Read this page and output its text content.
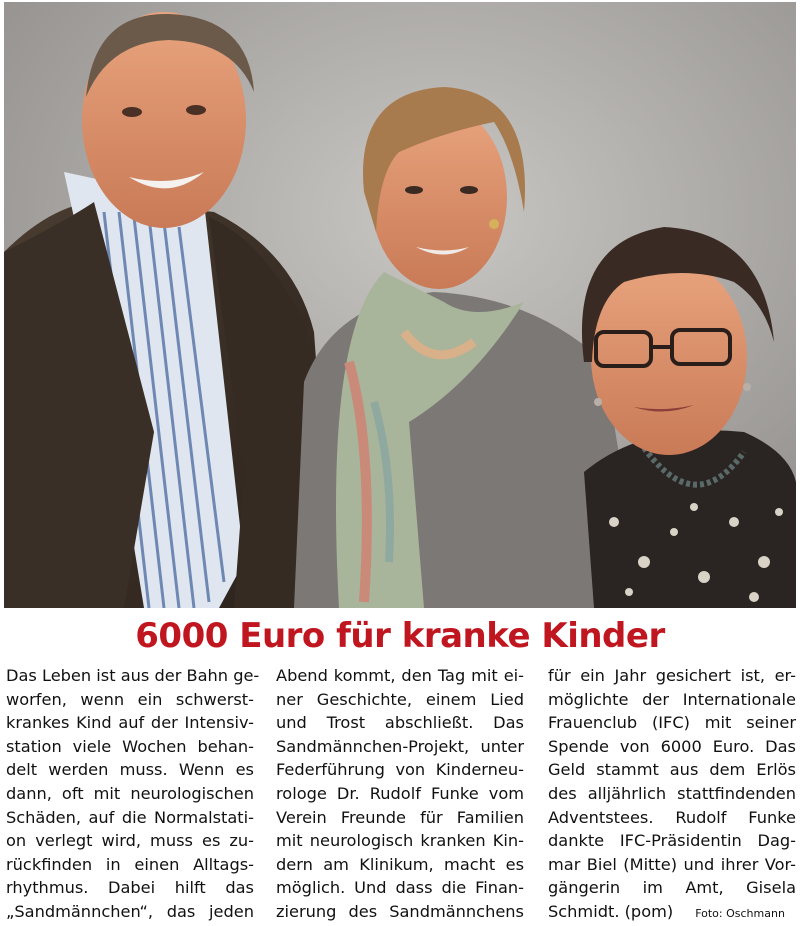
6000 Euro für kranke Kinder
Das Leben ist aus der Bahn ge-
worfen, wenn ein schwerst-
krankes Kind auf der Intensiv-
station viele Wochen behan-
delt werden muss. Wenn es
dann, oft mit neurologischen
Schäden, auf die Normalstati-
on verlegt wird, muss es zu-
rückfinden in einen Alltags-
rhythmus. Dabei hilft das
„Sandmännchen“, das jeden
Abend kommt, den Tag mit ei-
ner Geschichte, einem Lied
und Trost abschließt. Das
Sandmännchen-Projekt, unter
Federführung von Kinderneu-
rologe Dr. Rudolf Funke vom
Verein Freunde für Familien
mit neurologisch kranken Kin-
dern am Klinikum, macht es
möglich. Und dass die Finan-
zierung des Sandmännchens
für ein Jahr gesichert ist, er-
möglichte der Internationale
Frauenclub (IFC) mit seiner
Spende von 6000 Euro. Das
Geld stammt aus dem Erlös
des alljährlich stattfindenden
Adventstees. Rudolf Funke
dankte IFC-Präsidentin Dag-
mar Biel (Mitte) und ihrer Vor-
gängerin im Amt, Gisela
Schmidt. (pom) Foto: Oschmann
